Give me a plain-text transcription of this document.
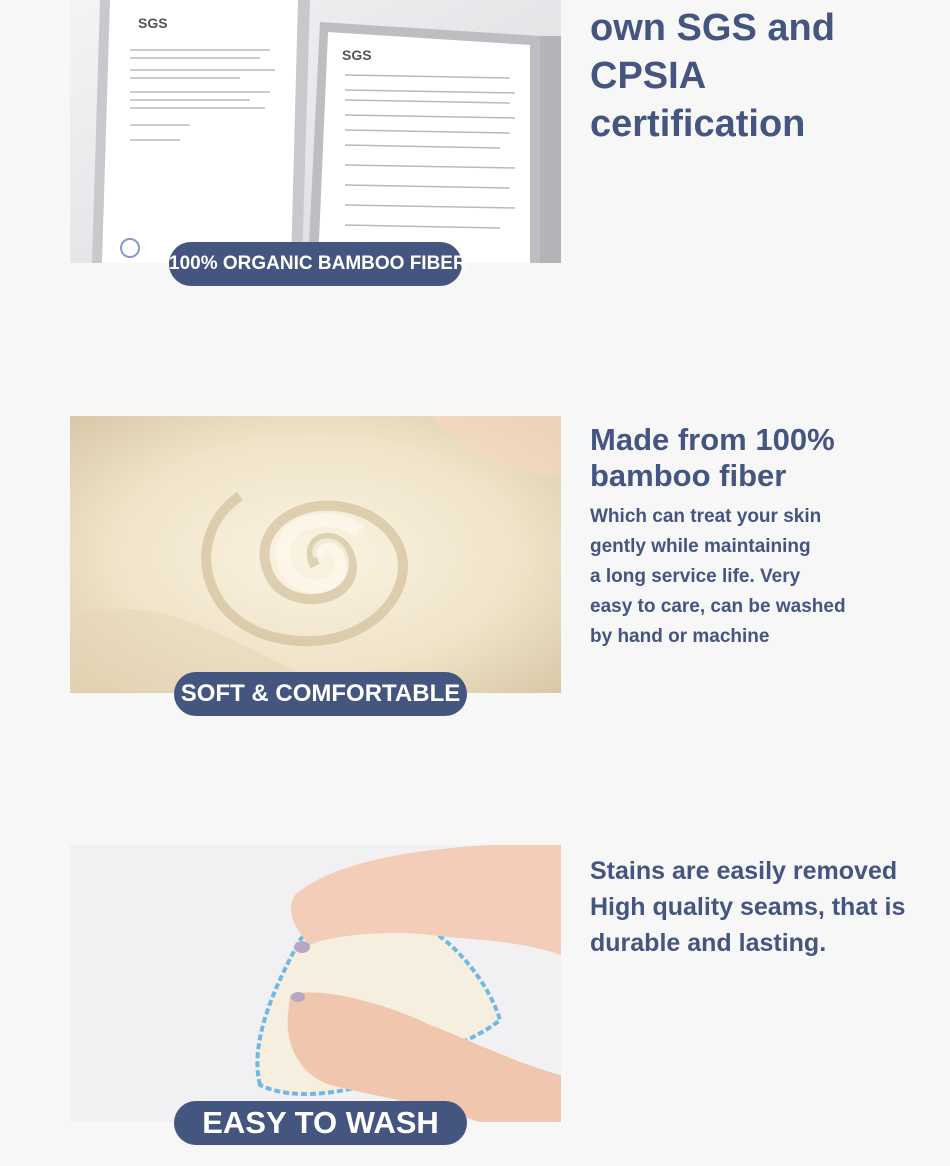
SGS
SGS
100% ORGANIC BAMBOO FIBER
own SGS and
CPSIA
certification
SOFT & COMFORTABLE
Made from 100%
bamboo fiber
Which can treat your skin
gently while maintaining
a long service life. Very
easy to care, can be washed
by hand or machine
EASY TO WASH
Stains are easily removed
High quality seams, that is
durable and lasting.
